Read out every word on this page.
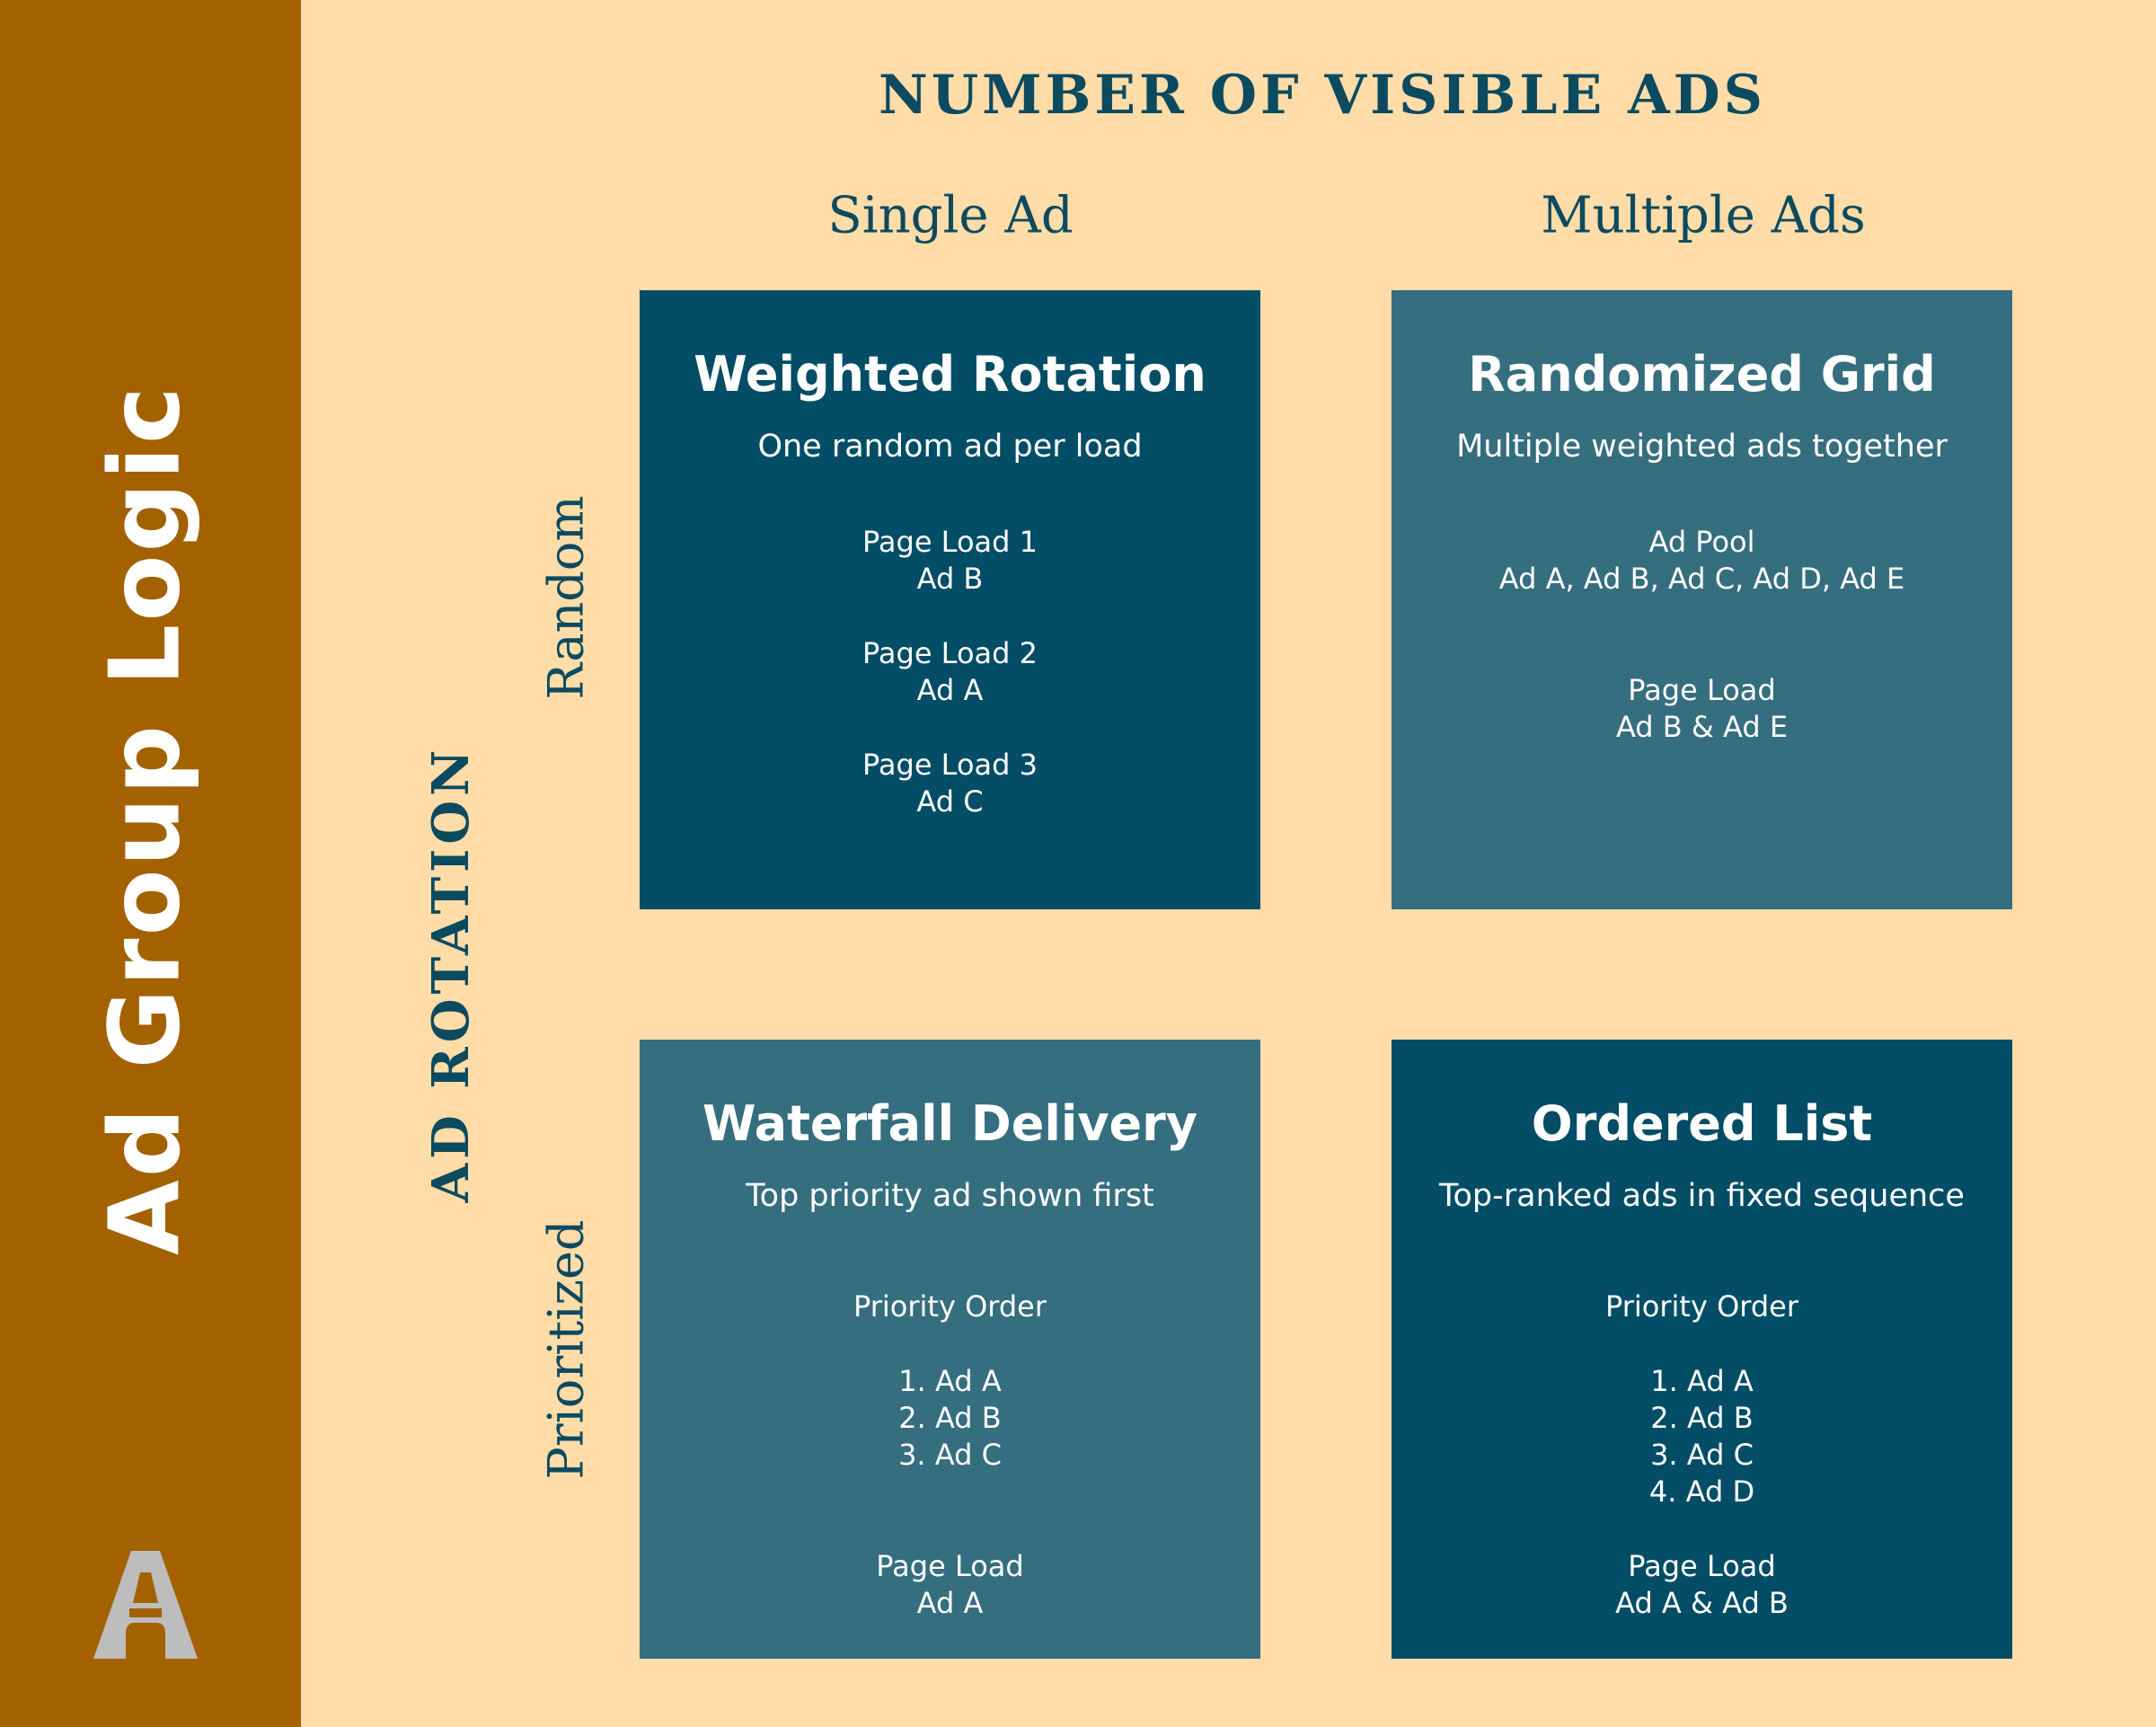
Ad Group Logic
NUMBER OF VISIBLE ADS
Single Ad	Multiple Ads
AD ROTATION
Random
Prioritized
Weighted Rotation
One random ad per load
Page Load 1
Ad B
Page Load 2
Ad A
Page Load 3
Ad C
Randomized Grid
Multiple weighted ads together
Ad Pool
Ad A, Ad B, Ad C, Ad D, Ad E
Page Load
Ad B & Ad E
Waterfall Delivery
Top priority ad shown first
Priority Order
1. Ad A
2. Ad B
3. Ad C
Page Load
Ad A
Ordered List
Top-ranked ads in fixed sequence
Priority Order
1. Ad A
2. Ad B
3. Ad C
4. Ad D
Page Load
Ad A & Ad B
